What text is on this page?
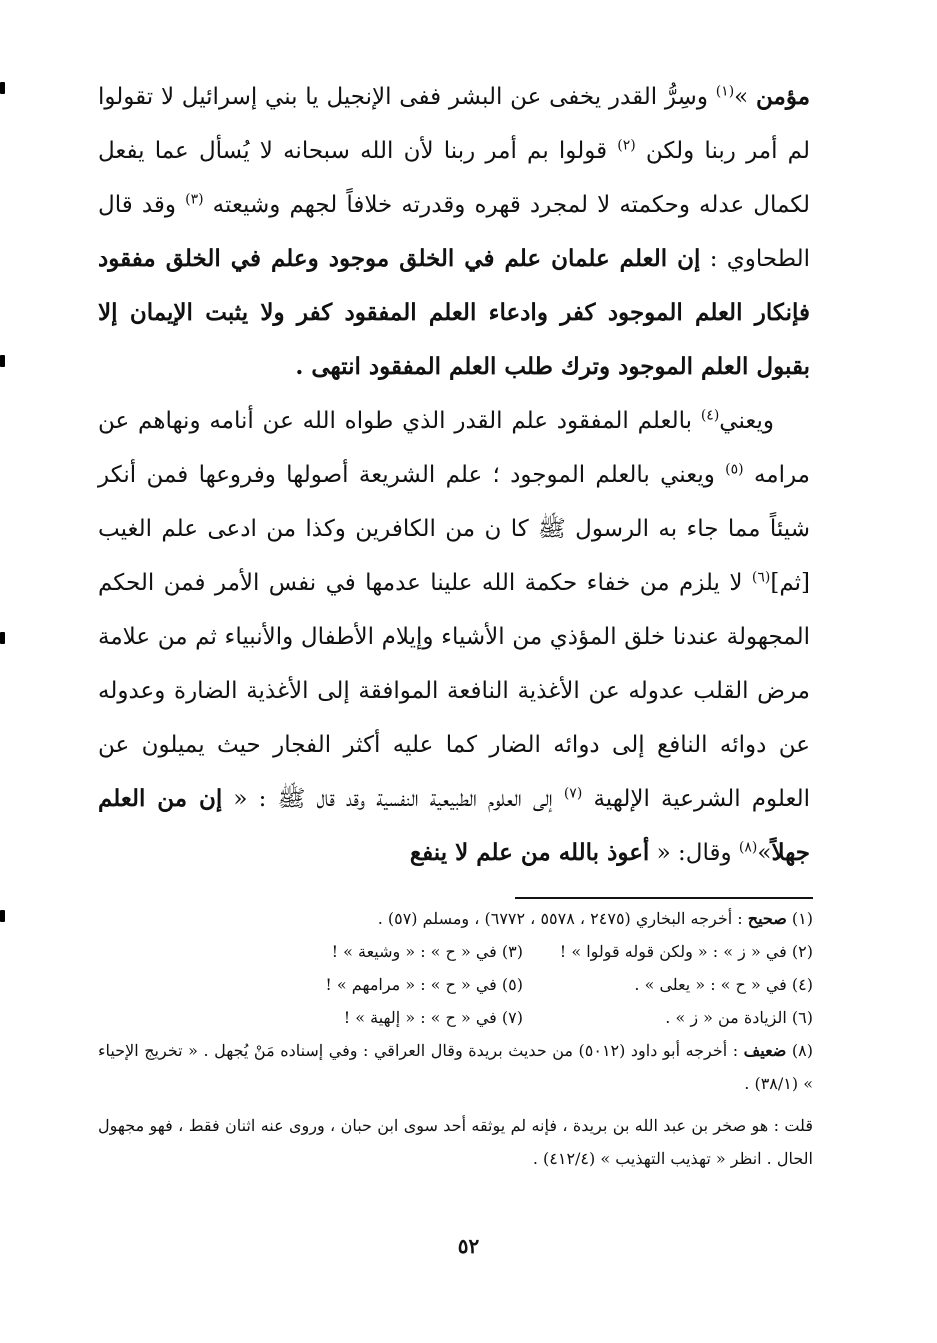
مؤمن »$^{(١)}$ وسِرُّ القدر يخفى عن البشر ففى الإنجيل يا بني إسرائيل لا تقولوا لم أمر ربنا ولكن $^{(٢)}$ قولوا بم أمر ربنا لأن الله سبحانه لا يُسأل عما يفعل لكمال عدله وحكمته لا لمجرد قهره وقدرته خلافاً لجهم وشيعته $^{(٣)}$ وقد قال الطحاوي : إن العلم علمان علم في الخلق موجود وعلم في الخلق مفقود فإنكار العلم الموجود كفر وادعاء العلم المفقود كفر ولا يثبت الإيمان إلا بقبول العلم الموجود وترك طلب العلم المفقود انتهى .

ويعني$^{(٤)}$ بالعلم المفقود علم القدر الذي طواه الله عن أنامه ونهاهم عن مرامه $^{(٥)}$ ويعني بالعلم الموجود ؛ علم الشريعة أصولها وفروعها فمن أنكر شيئاً مما جاء به الرسول ﷺ كا ن من الكافرين وكذا من ادعى علم الغيب [ثم]$^{(٦)}$ لا يلزم من خفاء حكمة الله علينا عدمها في نفس الأمر فمن الحكم المجهولة عندنا خلق المؤذي من الأشياء وإيلام الأطفال والأنبياء ثم من علامة مرض القلب عدوله عن الأغذية النافعة الموافقة إلى الأغذية الضارة وعدوله عن دوائه النافع إلى دوائه الضار كما عليه أكثر الفجار حيث يميلون عن العلوم الشرعية الإلهية $^{(٧)}$ إلى العلوم الطبيعية النفسية وقد قال ﷺ : « إن من العلم جهلاً»$^{(٨)}$ وقال: « أعوذ بالله من علم لا ينفع

(١) صحيح : أخرجه البخاري (٢٤٧٥ ، ٥٥٧٨ ، ٦٧٧٢) ، ومسلم (٥٧) .

(٢) في « ز » : « ولكن قوله قولوا » !
(٣) في « ح » : « وشيعة » !
(٤) في « ح » : « يعلى » .
(٥) في « ح » : « مرامهم » !
(٦) الزيادة من « ز » .
(٧) في « ح » : « إلهية » !

(٨) ضعيف : أخرجه أبو داود (٥٠١٢) من حديث بريدة وقال العراقي : وفي إسناده مَنْ يُجهل . « تخريج الإحياء » (٣٨/١) .

قلت : هو صخر بن عبد الله بن بريدة ، فإنه لم يوثقه أحد سوى ابن حبان ، وروى عنه اثنان فقط ، فهو مجهول الحال . انظر « تهذيب التهذيب » (٤١٢/٤) .

٥٢
